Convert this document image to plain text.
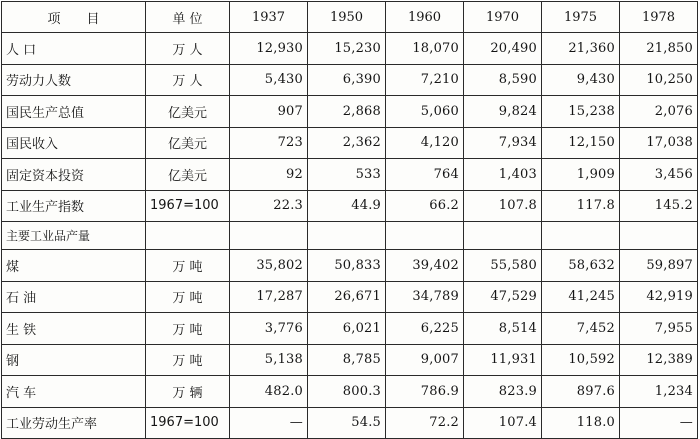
项　　目	单 位	1937	1950	1960	1970	1975	1978
人 口	万 人	12,930	15,230	18,070	20,490	21,360	21,850
劳动力人数	万 人	5,430	6,390	7,210	8,590	9,430	10,250
国民生产总值	亿美元	907	2,868	5,060	9,824	15,238	2,076
国民收入	亿美元	723	2,362	4,120	7,934	12,150	17,038
固定资本投资	亿美元	92	533	764	1,403	1,909	3,456
工业生产指数	1967=100	22.3	44.9	66.2	107.8	117.8	145.2
主要工业品产量							
煤	万 吨	35,802	50,833	39,402	55,580	58,632	59,897
石 油	万 吨	17,287	26,671	34,789	47,529	41,245	42,919
生 铁	万 吨	3,776	6,021	6,225	8,514	7,452	7,955
钢	万 吨	5,138	8,785	9,007	11,931	10,592	12,389
汽 车	万 辆	482.0	800.3	786.9	823.9	897.6	1,234
工业劳动生产率	1967=100	—	54.5	72.2	107.4	118.0	—
